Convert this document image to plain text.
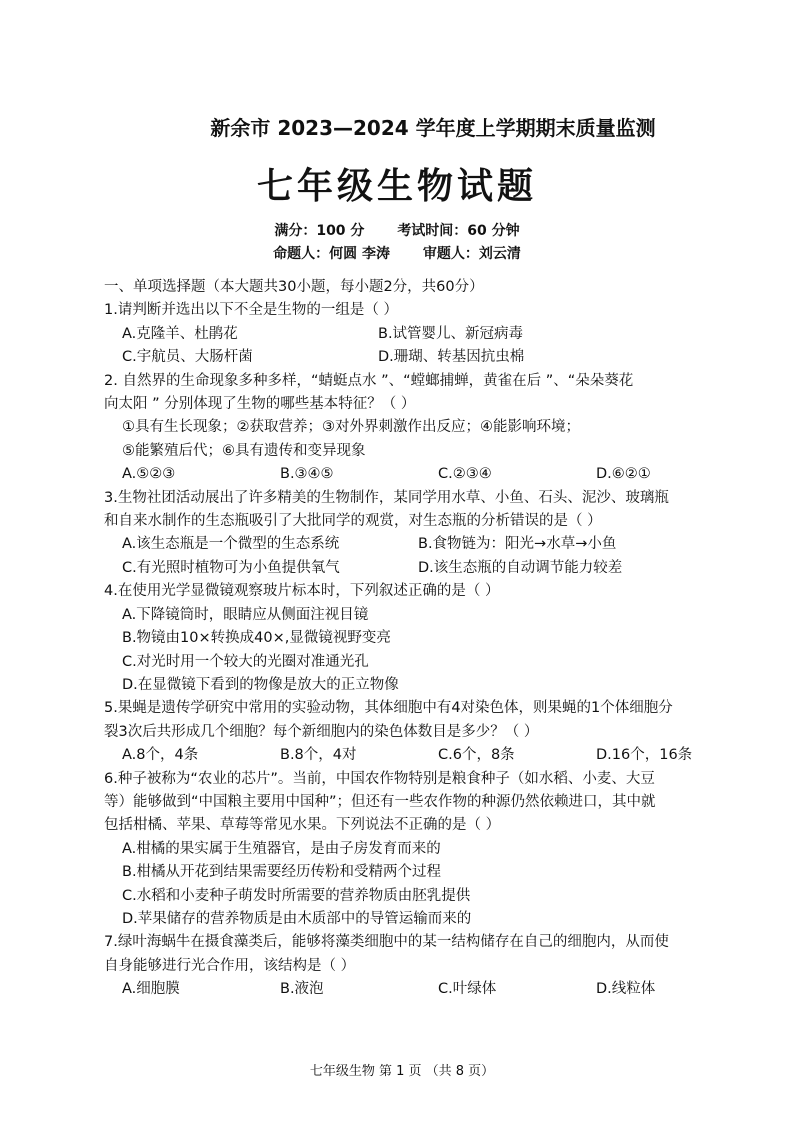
新余市 2023—2024 学年度上学期期末质量监测
七年级生物试题
满分：100 分 考试时间：60 分钟
命题人：何圆 李涛 审题人：刘云清
一、单项选择题（本大题共30小题，每小题2分，共60分）
1.请判断并选出以下不全是生物的一组是（ ）
A.克隆羊、杜鹃花	B.试管婴儿、新冠病毒
C.宇航员、大肠杆菌	D.珊瑚、转基因抗虫棉
2. 自然界的生命现象多种多样，“蜻蜓点水 ”、“螳螂捕蝉，黄雀在后 ”、“朵朵葵花
向太阳 ” 分别体现了生物的哪些基本特征？（ ）
①具有生长现象；②获取营养；③对外界刺激作出反应；④能影响环境；
⑤能繁殖后代；⑥具有遗传和变异现象
A.⑤②③	B.③④⑤	C.②③④	D.⑥②①
3.生物社团活动展出了许多精美的生物制作，某同学用水草、小鱼、石头、泥沙、玻璃瓶
和自来水制作的生态瓶吸引了大批同学的观赏，对生态瓶的分析错误的是（ ）
A.该生态瓶是一个微型的生态系统	B.食物链为：阳光→水草→小鱼
C.有光照时植物可为小鱼提供氧气	D.该生态瓶的自动调节能力较差
4.在使用光学显微镜观察玻片标本时，下列叙述正确的是（ ）
A.下降镜筒时，眼睛应从侧面注视目镜
B.物镜由10×转换成40×,显微镜视野变亮
C.对光时用一个较大的光圈对准通光孔
D.在显微镜下看到的物像是放大的正立物像
5.果蝇是遗传学研究中常用的实验动物，其体细胞中有4对染色体，则果蝇的1个体细胞分
裂3次后共形成几个细胞？每个新细胞内的染色体数目是多少？（ ）
A.8个，4条	B.8个，4对	C.6个，8条	D.16个，16条
6.种子被称为“农业的芯片”。当前，中国农作物特别是粮食种子（如水稻、小麦、大豆
等）能够做到“中国粮主要用中国种”；但还有一些农作物的种源仍然依赖进口，其中就
包括柑橘、苹果、草莓等常见水果。下列说法不正确的是（ ）
A.柑橘的果实属于生殖器官，是由子房发育而来的
B.柑橘从开花到结果需要经历传粉和受精两个过程
C.水稻和小麦种子萌发时所需要的营养物质由胚乳提供
D.苹果储存的营养物质是由木质部中的导管运输而来的
7.绿叶海蜗牛在摄食藻类后，能够将藻类细胞中的某一结构储存在自己的细胞内，从而使
自身能够进行光合作用，该结构是（ ）
A.细胞膜	B.液泡	C.叶绿体	D.线粒体
七年级生物 第 1 页 （共 8 页）
